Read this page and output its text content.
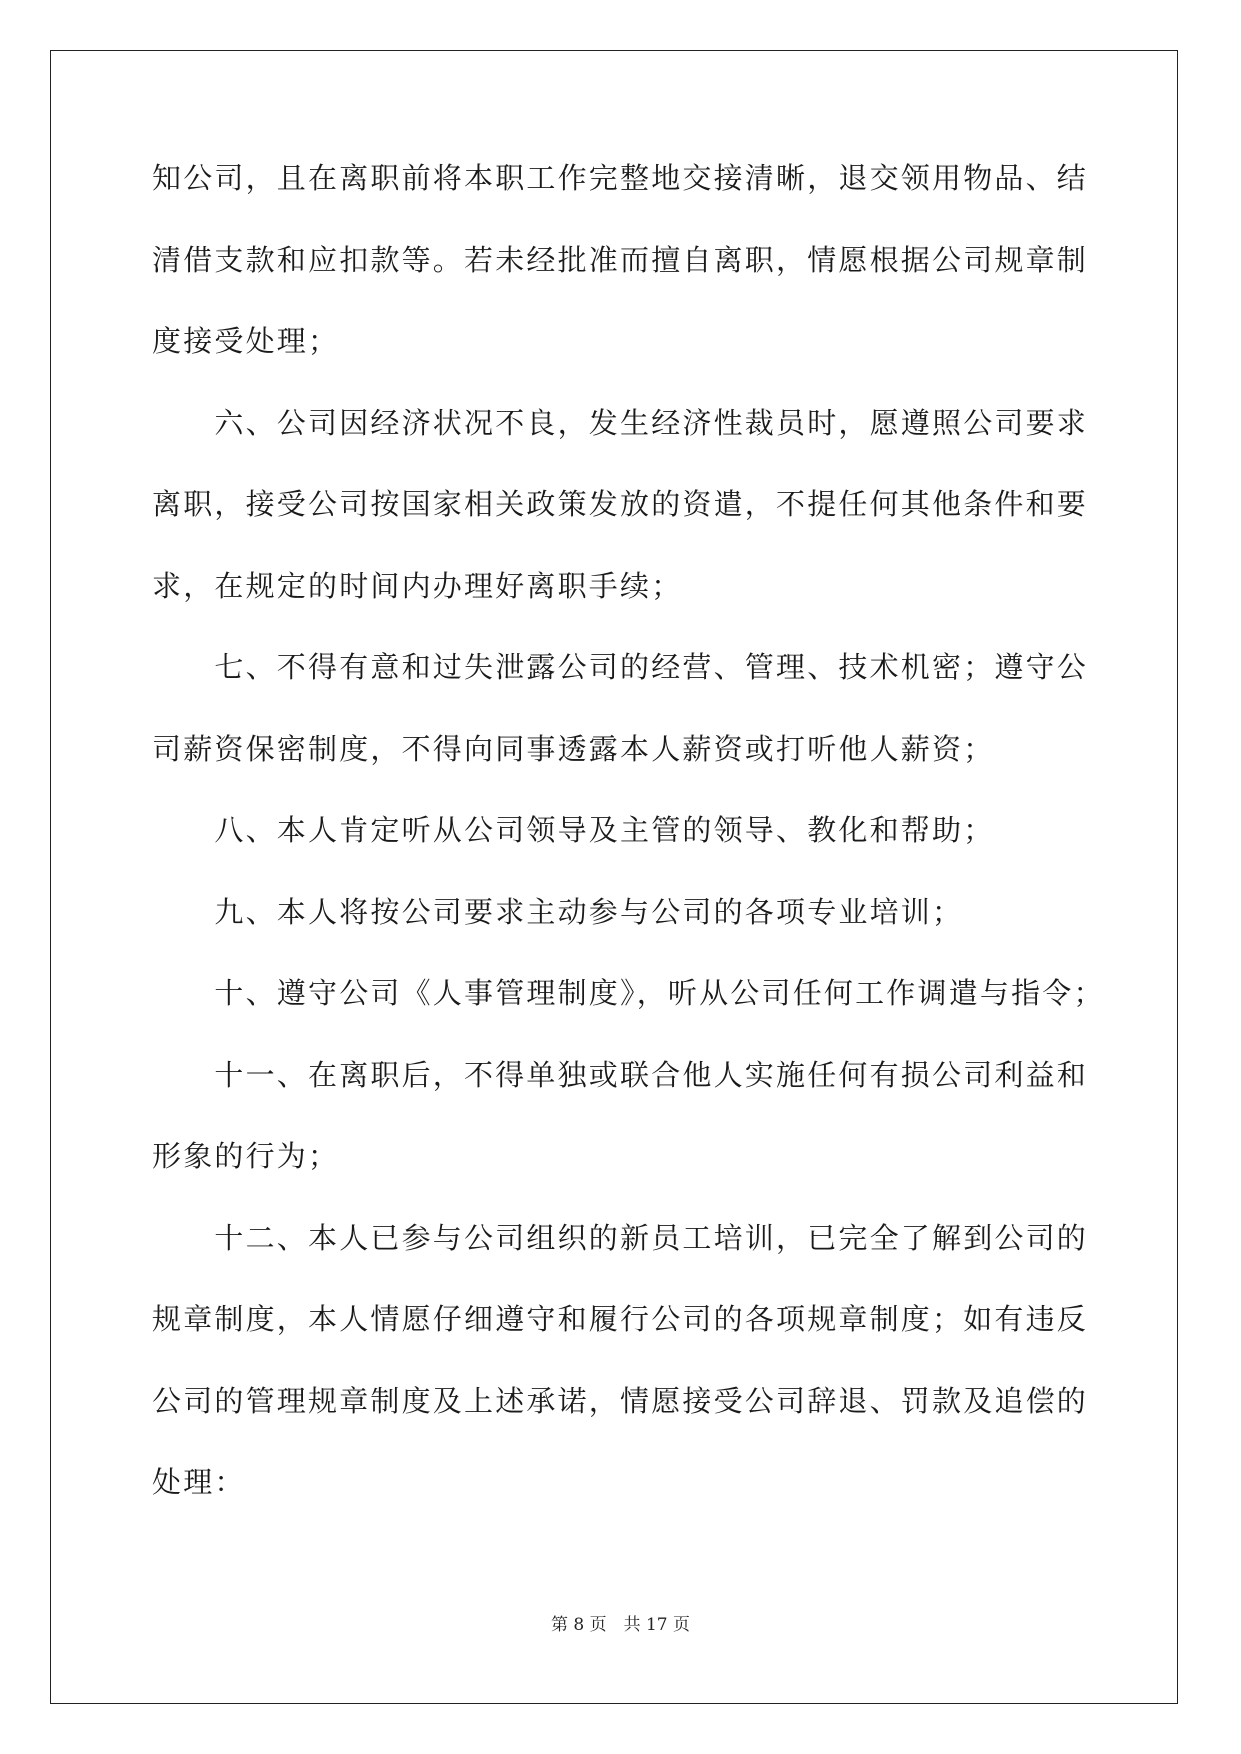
知公司，且在离职前将本职工作完整地交接清晰，退交领用物品、结
清借支款和应扣款等。若未经批准而擅自离职，情愿根据公司规章制
度接受处理；
　　六、公司因经济状况不良，发生经济性裁员时，愿遵照公司要求
离职，接受公司按国家相关政策发放的资遣，不提任何其他条件和要
求，在规定的时间内办理好离职手续；
　　七、不得有意和过失泄露公司的经营、管理、技术机密；遵守公
司薪资保密制度，不得向同事透露本人薪资或打听他人薪资；
　　八、本人肯定听从公司领导及主管的领导、教化和帮助；
　　九、本人将按公司要求主动参与公司的各项专业培训；
　　十、遵守公司《人事管理制度》，听从公司任何工作调遣与指令；
　　十一、在离职后，不得单独或联合他人实施任何有损公司利益和
形象的行为；
　　十二、本人已参与公司组织的新员工培训，已完全了解到公司的
规章制度，本人情愿仔细遵守和履行公司的各项规章制度；如有违反
公司的管理规章制度及上述承诺，情愿接受公司辞退、罚款及追偿的
处理：
第 8 页　共 17 页
